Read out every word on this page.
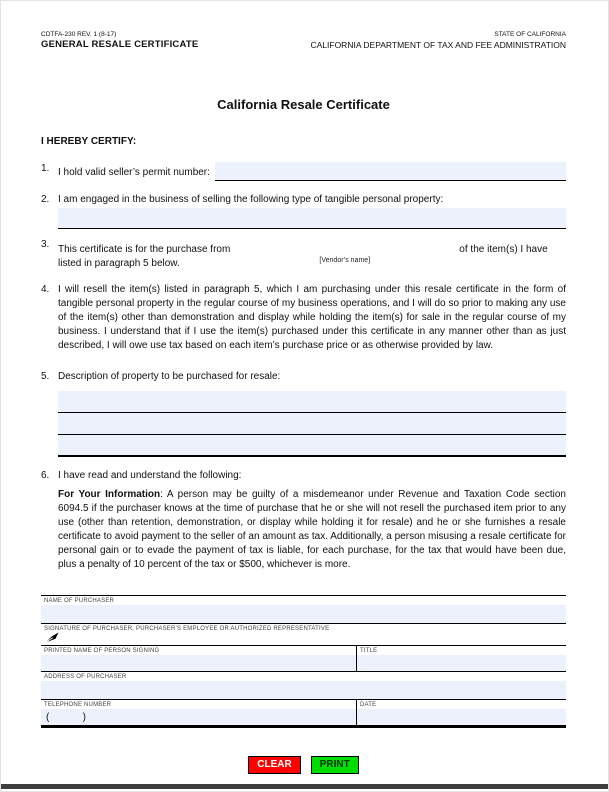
CDTFA-230 REV. 1 (8-17)
GENERAL RESALE CERTIFICATE
STATE OF CALIFORNIA
CALIFORNIA DEPARTMENT OF TAX AND FEE ADMINISTRATION
California Resale Certificate
I HEREBY CERTIFY:
1. I hold valid seller’s permit number:
2. I am engaged in the business of selling the following type of tangible personal property:
3. This certificate is for the purchase from
[Vendor’s name]
of the item(s) I have listed in paragraph 5 below.
4. I will resell the item(s) listed in paragraph 5, which I am purchasing under this resale certificate in the form of tangible personal property in the regular course of my business operations, and I will do so prior to making any use of the item(s) other than demonstration and display while holding the item(s) for sale in the regular course of my business. I understand that if I use the item(s) purchased under this certificate in any manner other than as just described, I will owe use tax based on each item’s purchase price or as otherwise provided by law.
5. Description of property to be purchased for resale:
6. I have read and understand the following:
For Your Information: A person may be guilty of a misdemeanor under Revenue and Taxation Code section 6094.5 if the purchaser knows at the time of purchase that he or she will not resell the purchased item prior to any use (other than retention, demonstration, or display while holding it for resale) and he or she furnishes a resale certificate to avoid payment to the seller of an amount as tax. Additionally, a person misusing a resale certificate for personal gain or to evade the payment of tax is liable, for each purchase, for the tax that would have been due, plus a penalty of 10 percent of the tax or $500, whichever is more.
NAME OF PURCHASER
SIGNATURE OF PURCHASER, PURCHASER’S EMPLOYEE OR AUTHORIZED REPRESENTATIVE
PRINTED NAME OF PERSON SIGNING	TITLE
ADDRESS OF PURCHASER
TELEPHONE NUMBER
(            )
DATE
CLEAR	PRINT
